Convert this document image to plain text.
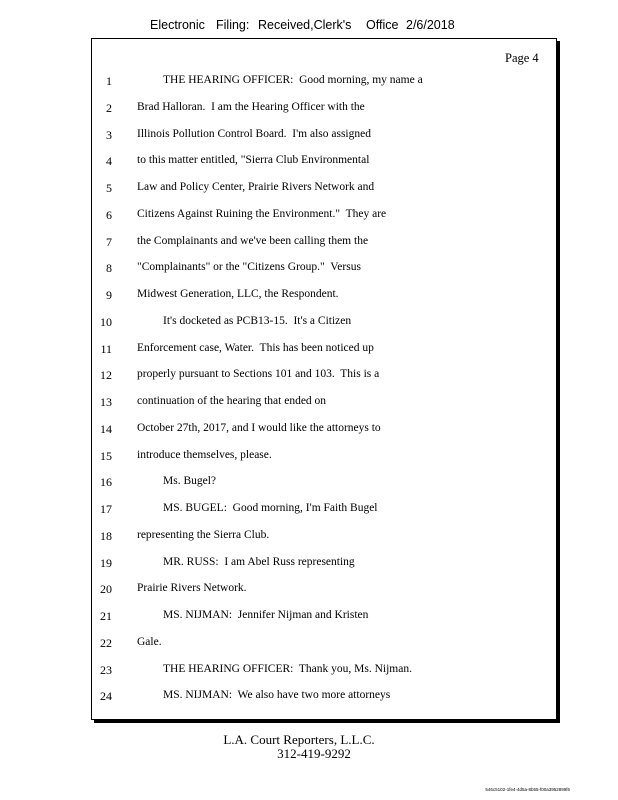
Electronic Filing: Received,Clerk's Office 2/6/2018
Page 4
1	THE HEARING OFFICER:  Good morning, my name a
2 Brad Halloran.  I am the Hearing Officer with the
3 Illinois Pollution Control Board.  I'm also assigned
4 to this matter entitled, "Sierra Club Environmental
5 Law and Policy Center, Prairie Rivers Network and
6 Citizens Against Ruining the Environment."  They are
7 the Complainants and we've been calling them the
8 "Complainants" or the "Citizens Group."  Versus
9 Midwest Generation, LLC, the Respondent.
10	It's docketed as PCB13-15.  It's a Citizen
11 Enforcement case, Water.  This has been noticed up
12 properly pursuant to Sections 101 and 103.  This is a
13 continuation of the hearing that ended on
14 October 27th, 2017, and I would like the attorneys to
15 introduce themselves, please.
16	Ms. Bugel?
17	MS. BUGEL:  Good morning, I'm Faith Bugel
18 representing the Sierra Club.
19	MR. RUSS:  I am Abel Russ representing
20 Prairie Rivers Network.
21	MS. NIJMAN:  Jennifer Nijman and Kristen
22 Gale.
23	THE HEARING OFFICER:  Thank you, Ms. Nijman.
24	MS. NIJMAN:  We also have two more attorneys
L.A. Court Reporters, L.L.C.
312-419-9292
546c5102-1fe4-4d5a-8b55-f00a3952899f6
